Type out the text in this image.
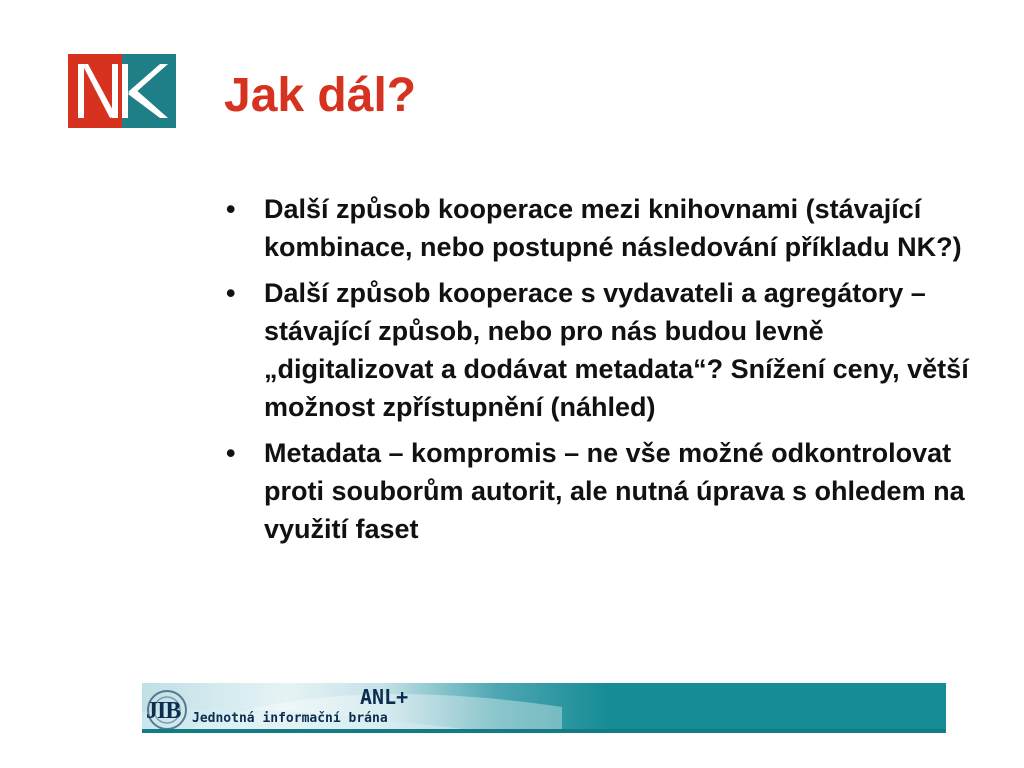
Jak dál?
• Další způsob kooperace mezi knihovnami (stávající kombinace, nebo postupné následování příkladu NK?)
• Další způsob kooperace s vydavateli a agregátory – stávající způsob, nebo pro nás budou levně „digitalizovat a dodávat metadata“? Snížení ceny, větší možnost zpřístupnění (náhled)
• Metadata – kompromis – ne vše možné odkontrolovat proti souborům autorit, ale nutná úprava s ohledem na využití faset
JIB Jednotná informační brána
ANL+
